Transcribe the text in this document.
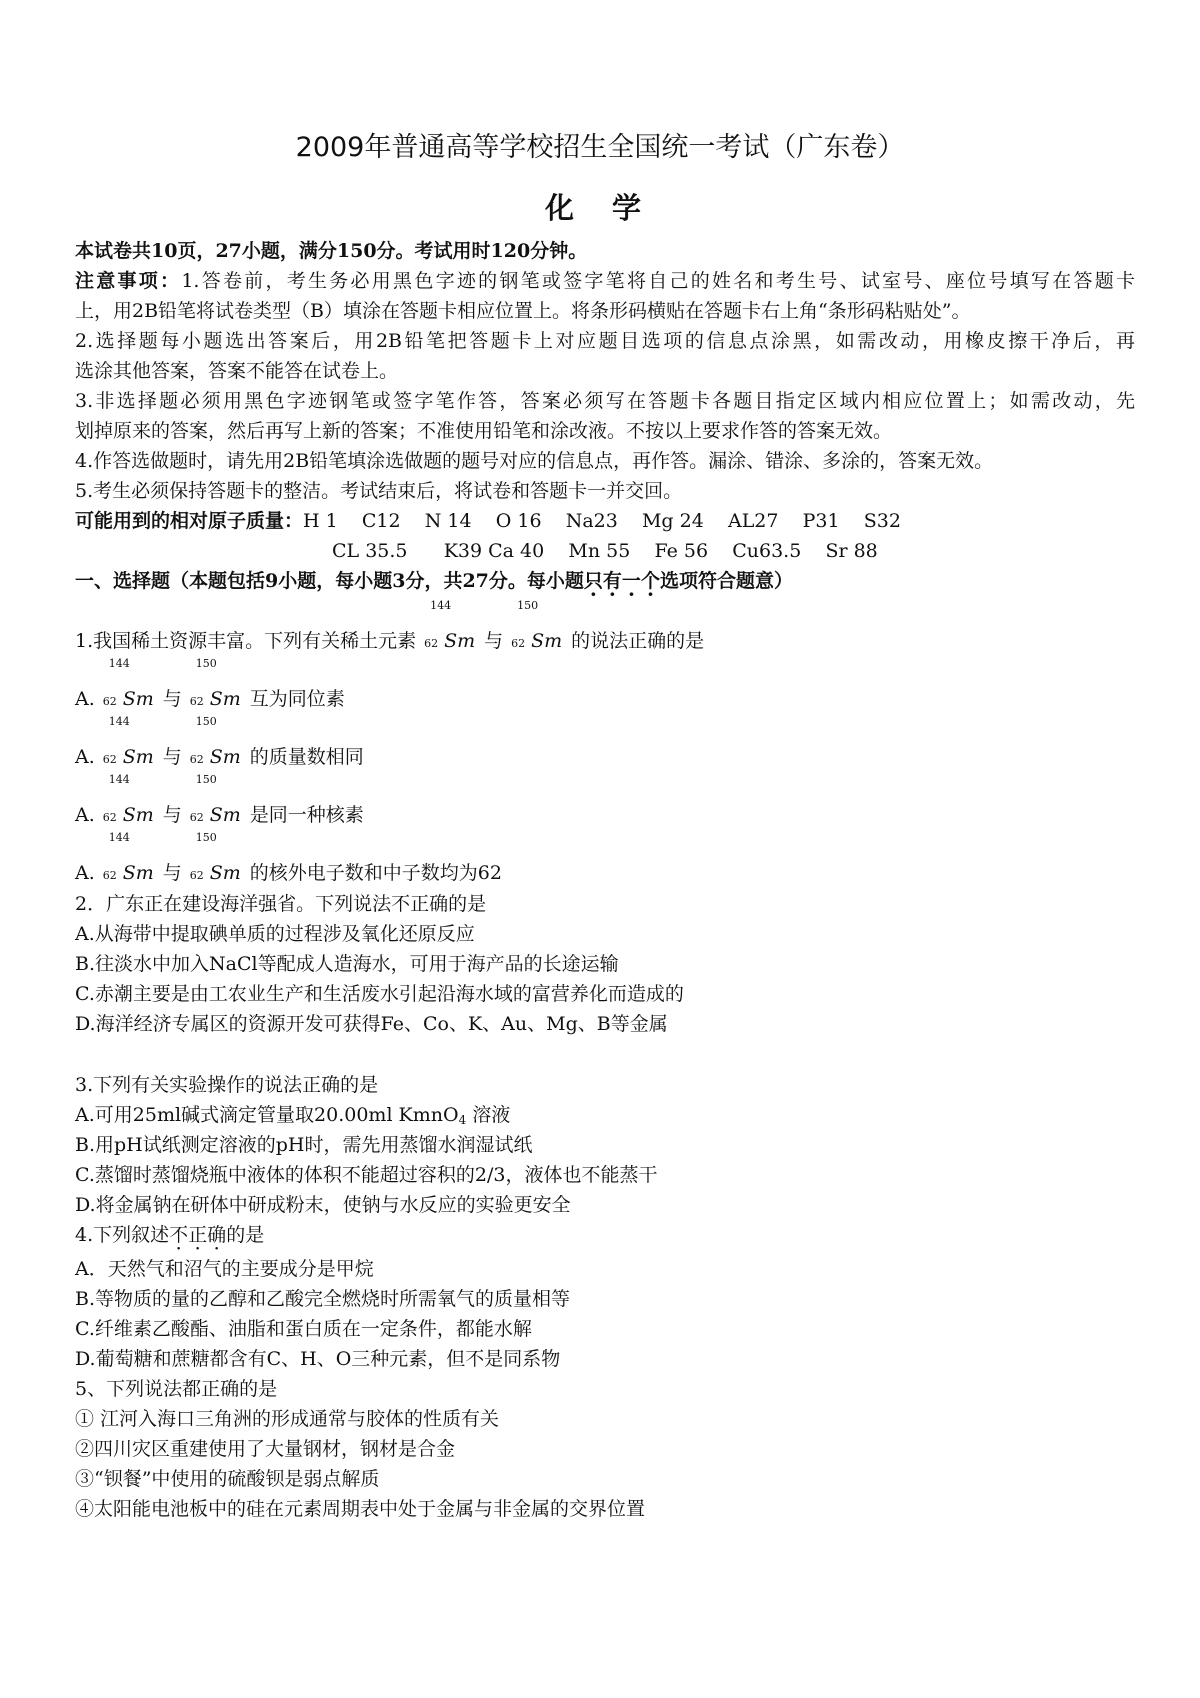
2009年普通高等学校招生全国统一考试（广东卷）
化 学
本试卷共10页，27小题，满分150分。考试用时120分钟。
注意事项：1.答卷前，考生务必用黑色字迹的钢笔或签字笔将自己的姓名和考生号、试室号、座位号填写在答题卡
上，用2B铅笔将试卷类型（B）填涂在答题卡相应位置上。将条形码横贴在答题卡右上角“条形码粘贴处”。
2.选择题每小题选出答案后，用2B铅笔把答题卡上对应题目选项的信息点涂黑，如需改动，用橡皮擦干净后，再
选涂其他答案，答案不能答在试卷上。
3.非选择题必须用黑色字迹钢笔或签字笔作答，答案必须写在答题卡各题目指定区域内相应位置上；如需改动，先
划掉原来的答案，然后再写上新的答案；不准使用铅笔和涂改液。不按以上要求作答的答案无效。
4.作答选做题时，请先用2B铅笔填涂选做题的题号对应的信息点，再作答。漏涂、错涂、多涂的，答案无效。
5.考生必须保持答题卡的整洁。考试结束后，将试卷和答题卡一并交回。
可能用到的相对原子质量：H 1    C12    N 14    O 16    Na23    Mg 24    AL27    P31    S32
CL 35.5      K39 Ca 40    Mn 55    Fe 56    Cu63.5    Sr 88
一、选择题（本题包括9小题，每小题3分，共27分。每小题只有一个选项符合题意）
1.我国稀土资源丰富。下列有关稀土元素
144
62 Sm 与
150
62 Sm 的说法正确的是
A.
144
62 Sm 与
150
62 Sm 互为同位素
A.
144
62 Sm 与
150
62 Sm 的质量数相同
A.
144
62 Sm 与
150
62 Sm 是同一种核素
A.
144
62 Sm 与
150
62 Sm 的核外电子数和中子数均为62
2．广东正在建设海洋强省。下列说法不正确的是
A.从海带中提取碘单质的过程涉及氧化还原反应
B.往淡水中加入NaCl等配成人造海水，可用于海产品的长途运输
C.赤潮主要是由工农业生产和生活废水引起沿海水域的富营养化而造成的
D.海洋经济专属区的资源开发可获得Fe、Co、K、Au、Mg、B等金属
3.下列有关实验操作的说法正确的是
A.可用25ml碱式滴定管量取20.00ml KmnO$_4$ 溶液
B.用pH试纸测定溶液的pH时，需先用蒸馏水润湿试纸
C.蒸馏时蒸馏烧瓶中液体的体积不能超过容积的2/3，液体也不能蒸干
D.将金属钠在研体中研成粉末，使钠与水反应的实验更安全
4.下列叙述不正确的是
A．天然气和沼气的主要成分是甲烷
B.等物质的量的乙醇和乙酸完全燃烧时所需氧气的质量相等
C.纤维素乙酸酯、油脂和蛋白质在一定条件，都能水解
D.葡萄糖和蔗糖都含有C、H、O三种元素，但不是同系物
5、下列说法都正确的是
① 江河入海口三角洲的形成通常与胶体的性质有关
②四川灾区重建使用了大量钢材，钢材是合金
③“钡餐”中使用的硫酸钡是弱点解质
④太阳能电池板中的硅在元素周期表中处于金属与非金属的交界位置
